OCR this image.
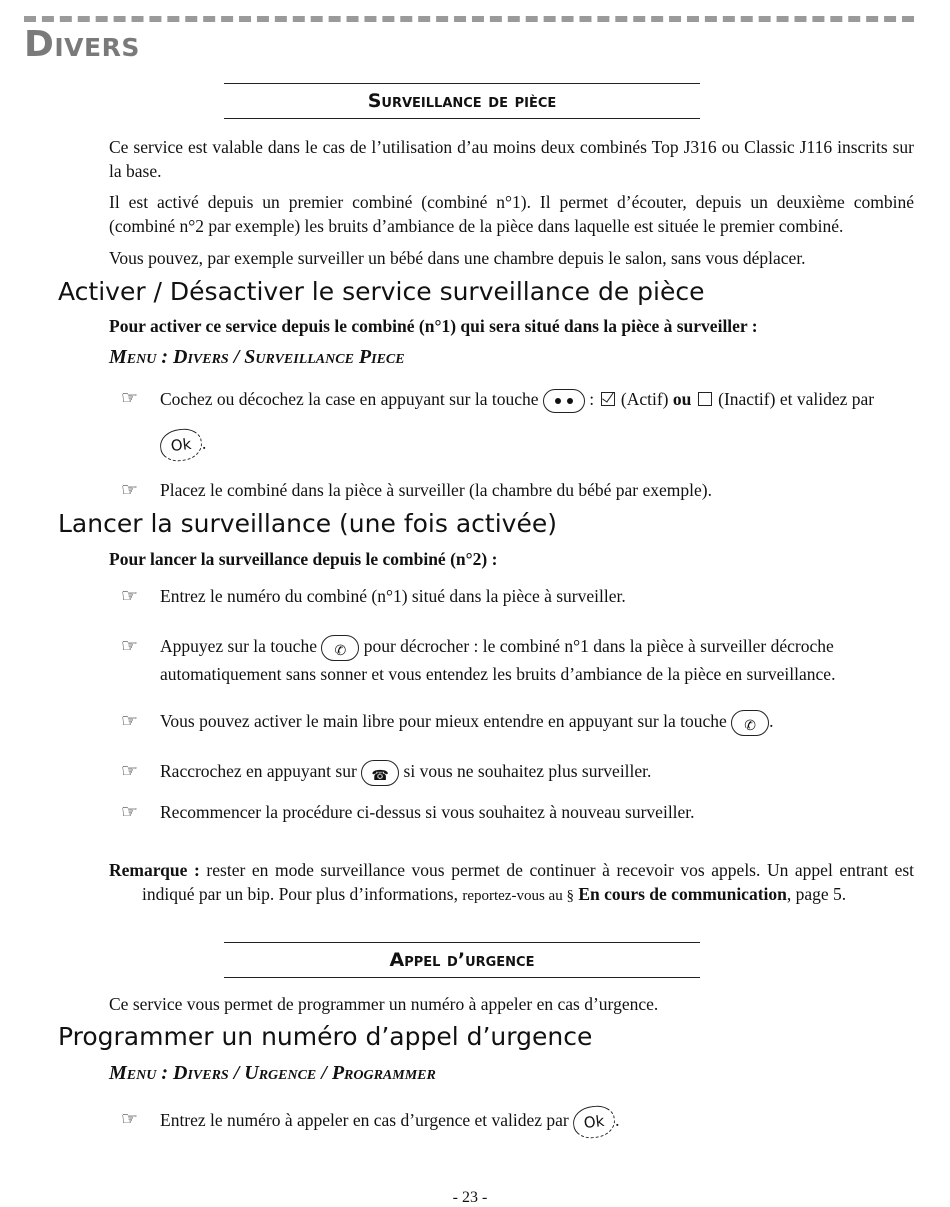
Divers
Surveillance de pièce

Ce service est valable dans le cas de l’utilisation d’au moins deux combinés Top J316 ou Classic J116 inscrits sur la base.

Il est activé depuis un premier combiné (combiné n°1). Il permet d’écouter, depuis un deuxième combiné (combiné n°2 par exemple) les bruits d’ambiance de la pièce dans laquelle est située le premier combiné.

Vous pouvez, par exemple surveiller un bébé dans une chambre depuis le salon, sans vous déplacer.

Activer / Désactiver le service surveillance de pièce

Pour activer ce service depuis le combiné (n°1) qui sera situé dans la pièce à surveiller :

Menu : Divers / Surveillance Piece

☞ Cochez ou décochez la case en appuyant sur la touche	: (Actif) ou (Inactif) et validez par Ok .
☞ Placez le combiné dans la pièce à surveiller (la chambre du bébé par exemple).
Lancer la surveillance (une fois activée)

Pour lancer la surveillance depuis le combiné (n°2) :

☞ Entrez le numéro du combiné (n°1) situé dans la pièce à surveiller.
☞ Appuyez sur la touche	✆	pour décrocher : le combiné n°1 dans la pièce à surveiller décroche automatiquement sans sonner et vous entendez les bruits d’ambiance de la pièce en surveillance.
☞ Vous pouvez activer le main libre pour mieux entendre en appuyant sur la touche	✆ .
☞ Raccrochez en appuyant sur	☎ si vous ne souhaitez plus surveiller.
☞ Recommencer la procédure ci-dessus si vous souhaitez à nouveau surveiller.

Remarque : rester en mode surveillance vous permet de continuer à recevoir vos appels. Un appel entrant est indiqué par un bip. Pour plus d’informations, reportez-vous au § En cours de communication, page 5.

Appel d’urgence

Ce service vous permet de programmer un numéro à appeler en cas d’urgence.

Programmer un numéro d’appel d’urgence

Menu : Divers / Urgence / Programmer

☞ Entrez le numéro à appeler en cas d’urgence et validez par Ok .
- 23 -
